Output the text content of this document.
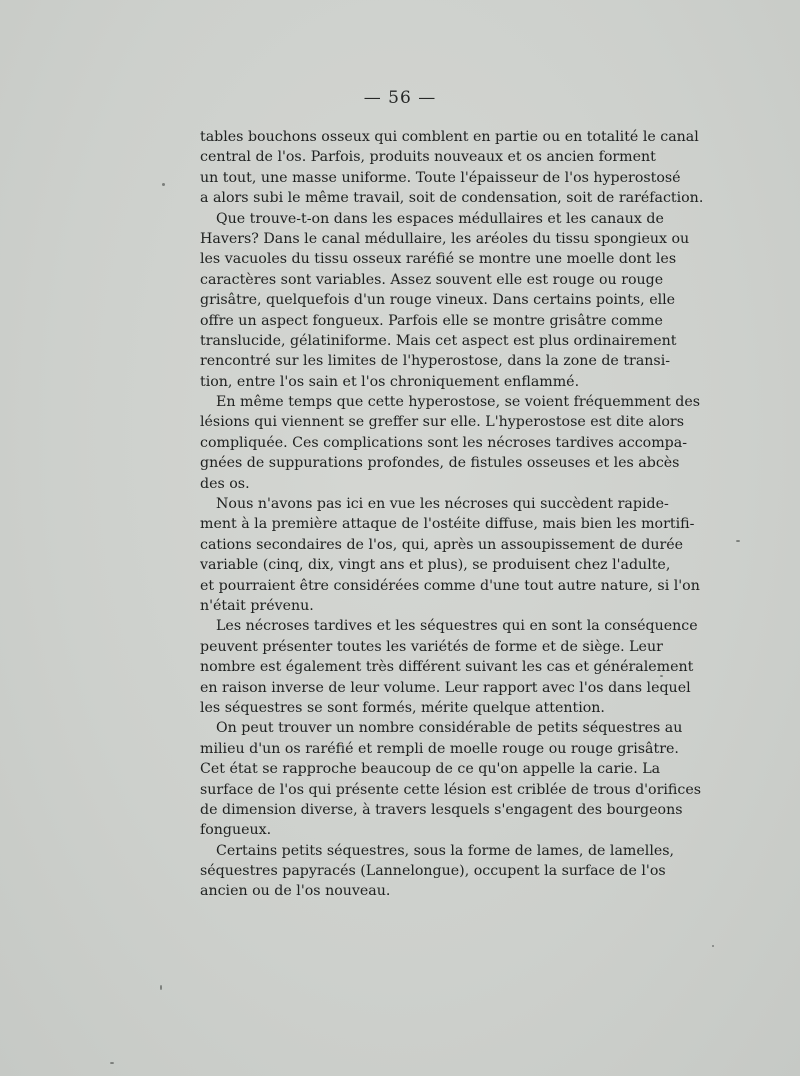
— 56 —
tables bouchons osseux qui comblent en partie ou en totalité le canal
central de l'os. Parfois, produits nouveaux et os ancien forment
un tout, une masse uniforme. Toute l'épaisseur de l'os hyperostosé
a alors subi le même travail, soit de condensation, soit de raréfaction.
Que trouve-t-on dans les espaces médullaires et les canaux de
Havers? Dans le canal médullaire, les aréoles du tissu spongieux ou
les vacuoles du tissu osseux raréfié se montre une moelle dont les
caractères sont variables. Assez souvent elle est rouge ou rouge
grisâtre, quelquefois d'un rouge vineux. Dans certains points, elle
offre un aspect fongueux. Parfois elle se montre grisâtre comme
translucide, gélatiniforme. Mais cet aspect est plus ordinairement
rencontré sur les limites de l'hyperostose, dans la zone de transi-
tion, entre l'os sain et l'os chroniquement enflammé.
En même temps que cette hyperostose, se voient fréquemment des
lésions qui viennent se greffer sur elle. L'hyperostose est dite alors
compliquée. Ces complications sont les nécroses tardives accompa-
gnées de suppurations profondes, de fistules osseuses et les abcès
des os.
Nous n'avons pas ici en vue les nécroses qui succèdent rapide-
ment à la première attaque de l'ostéite diffuse, mais bien les mortifi-
cations secondaires de l'os, qui, après un assoupissement de durée
variable (cinq, dix, vingt ans et plus), se produisent chez l'adulte,
et pourraient être considérées comme d'une tout autre nature, si l'on
n'était prévenu.
Les nécroses tardives et les séquestres qui en sont la conséquence
peuvent présenter toutes les variétés de forme et de siège. Leur
nombre est également très différent suivant les cas et généralement
en raison inverse de leur volume. Leur rapport avec l'os dans lequel
les séquestres se sont formés, mérite quelque attention.
On peut trouver un nombre considérable de petits séquestres au
milieu d'un os raréfié et rempli de moelle rouge ou rouge grisâtre.
Cet état se rapproche beaucoup de ce qu'on appelle la carie. La
surface de l'os qui présente cette lésion est criblée de trous d'orifices
de dimension diverse, à travers lesquels s'engagent des bourgeons
fongueux.
Certains petits séquestres, sous la forme de lames, de lamelles,
séquestres papyracés (Lannelongue), occupent la surface de l'os
ancien ou de l'os nouveau.
